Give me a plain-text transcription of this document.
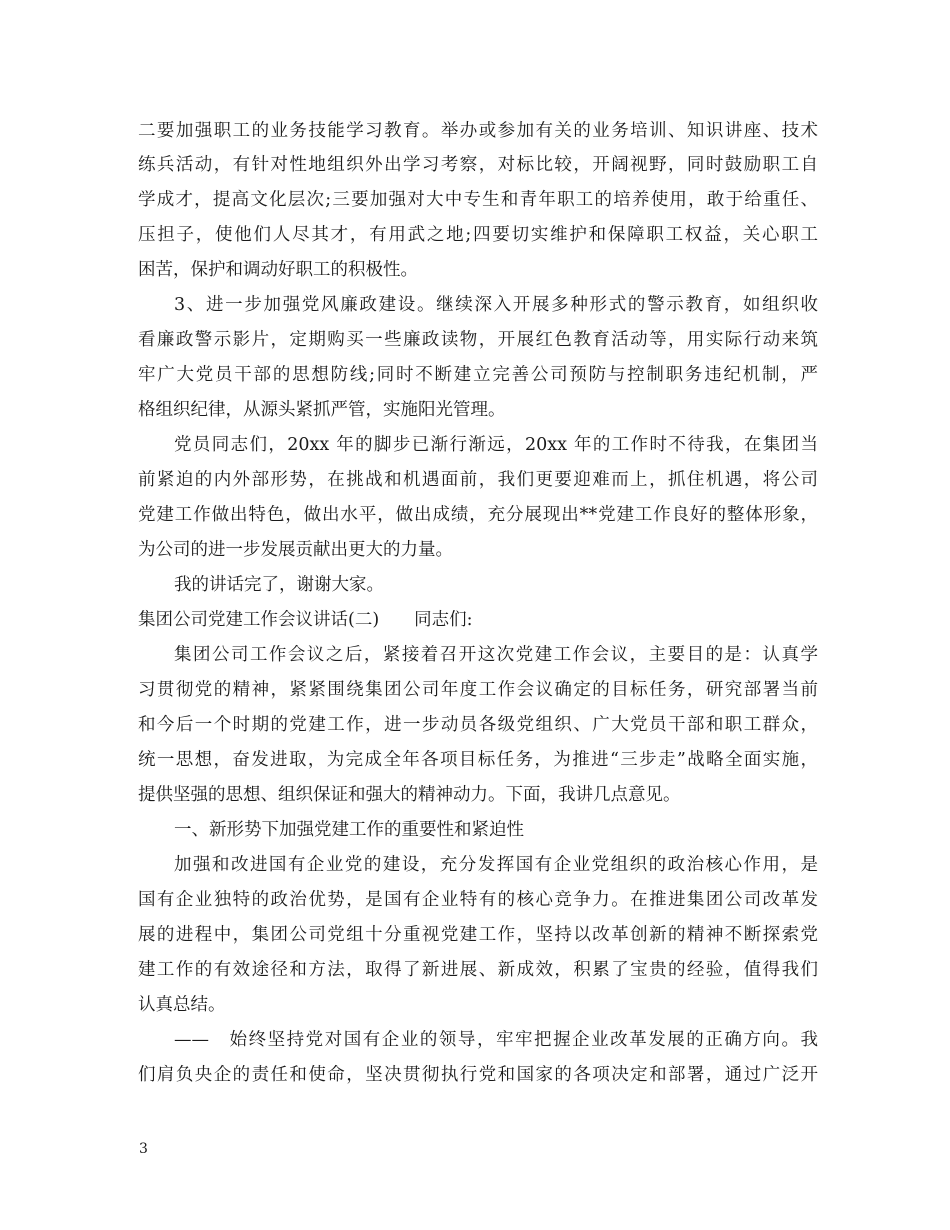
二要加强职工的业务技能学习教育。举办或参加有关的业务培训、知识讲座、技术
练兵活动，有针对性地组织外出学习考察，对标比较，开阔视野，同时鼓励职工自
学成才，提高文化层次;三要加强对大中专生和青年职工的培养使用，敢于给重任、
压担子，使他们人尽其才，有用武之地;四要切实维护和保障职工权益，关心职工
困苦，保护和调动好职工的积极性。
3、进一步加强党风廉政建设。继续深入开展多种形式的警示教育，如组织收
看廉政警示影片，定期购买一些廉政读物，开展红色教育活动等，用实际行动来筑
牢广大党员干部的思想防线;同时不断建立完善公司预防与控制职务违纪机制，严
格组织纪律，从源头紧抓严管，实施阳光管理。
党员同志们，20xx 年的脚步已渐行渐远，20xx 年的工作时不待我，在集团当
前紧迫的内外部形势，在挑战和机遇面前，我们更要迎难而上，抓住机遇，将公司
党建工作做出特色，做出水平，做出成绩，充分展现出**党建工作良好的整体形象，
为公司的进一步发展贡献出更大的力量。
我的讲话完了，谢谢大家。
集团公司党建工作会议讲话(二)　　同志们:
集团公司工作会议之后，紧接着召开这次党建工作会议，主要目的是：认真学
习贯彻党的精神，紧紧围绕集团公司年度工作会议确定的目标任务，研究部署当前
和今后一个时期的党建工作，进一步动员各级党组织、广大党员干部和职工群众，
统一思想，奋发进取，为完成全年各项目标任务，为推进“三步走”战略全面实施，
提供坚强的思想、组织保证和强大的精神动力。下面，我讲几点意见。
一、新形势下加强党建工作的重要性和紧迫性
加强和改进国有企业党的建设，充分发挥国有企业党组织的政治核心作用，是
国有企业独特的政治优势，是国有企业特有的核心竞争力。在推进集团公司改革发
展的进程中，集团公司党组十分重视党建工作，坚持以改革创新的精神不断探索党
建工作的有效途径和方法，取得了新进展、新成效，积累了宝贵的经验，值得我们
认真总结。
——　始终坚持党对国有企业的领导，牢牢把握企业改革发展的正确方向。我
们肩负央企的责任和使命，坚决贯彻执行党和国家的各项决定和部署，通过广泛开
3
